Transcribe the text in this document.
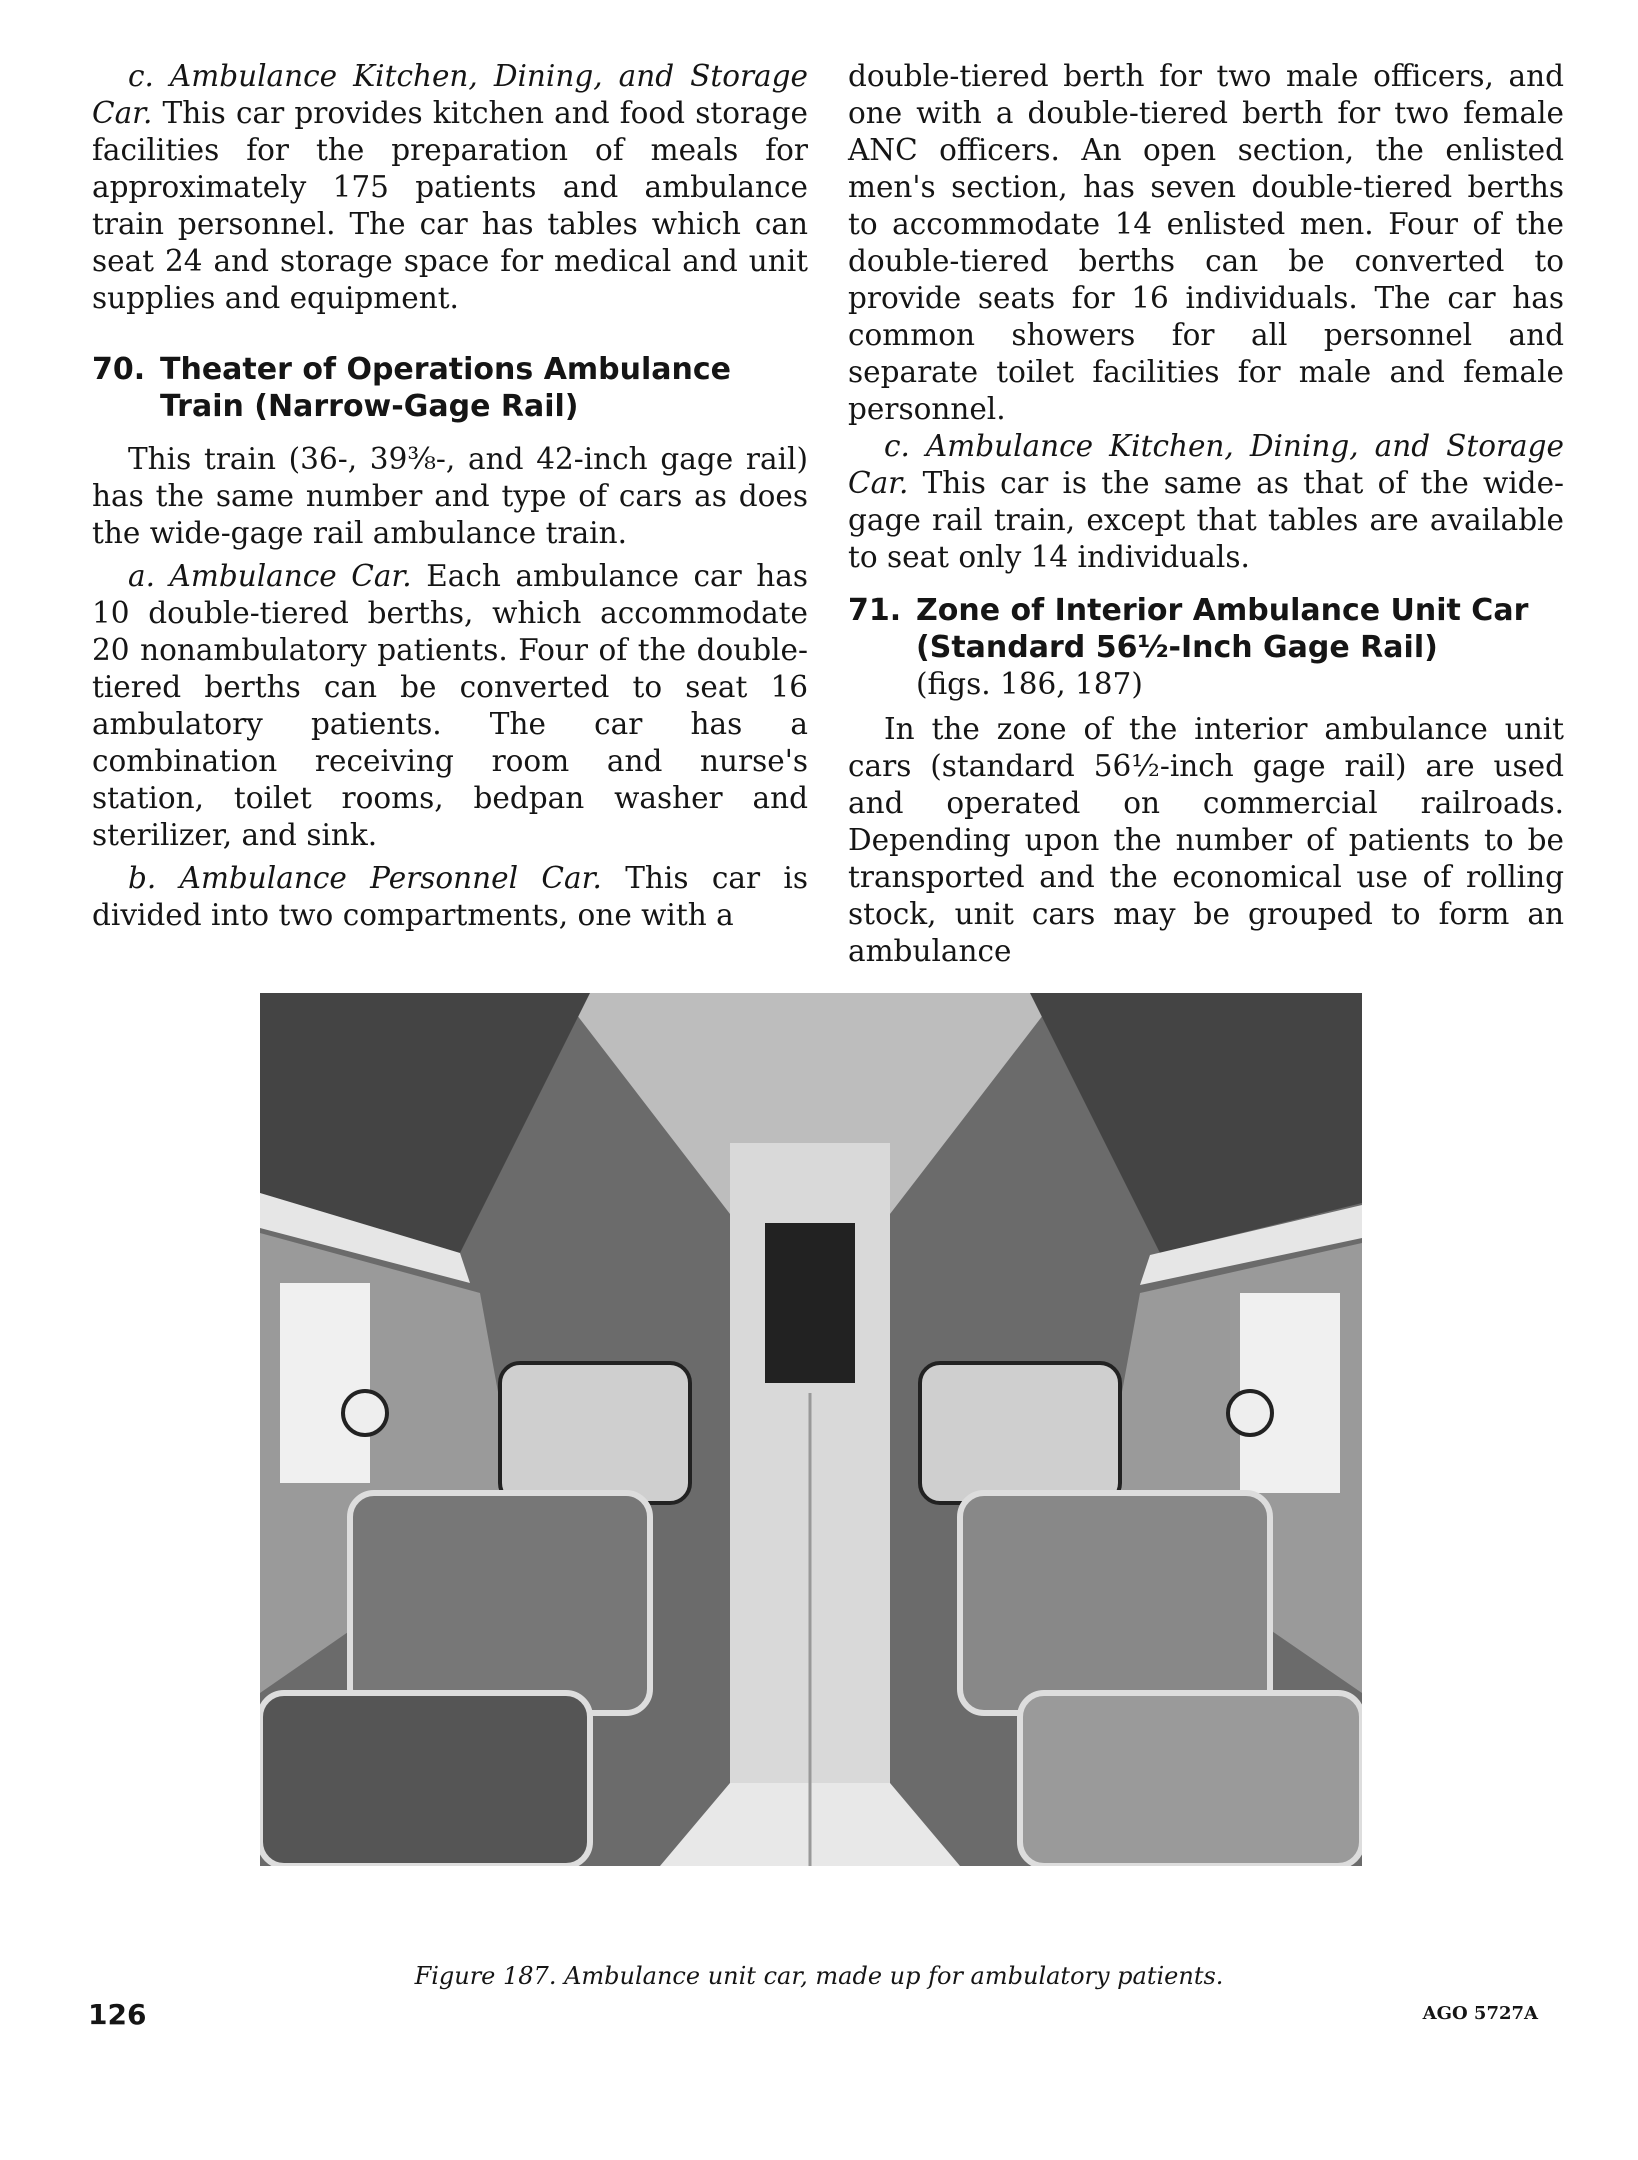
c. Ambulance Kitchen, Dining, and Storage Car. This car provides kitchen and food storage facilities for the preparation of meals for approximately 175 patients and ambulance train personnel. The car has tables which can seat 24 and storage space for medical and unit supplies and equipment.

70. Theater of Operations Ambulance Train (Narrow-Gage Rail)

This train (36-, 39⅜-, and 42-inch gage rail) has the same number and type of cars as does the wide-gage rail ambulance train.

a. Ambulance Car. Each ambulance car has 10 double-tiered berths, which accommodate 20 nonambulatory patients. Four of the double-tiered berths can be converted to seat 16 ambulatory patients. The car has a combination receiving room and nurse's station, toilet rooms, bedpan washer and sterilizer, and sink.

b. Ambulance Personnel Car. This car is divided into two compartments, one with a

double-tiered berth for two male officers, and one with a double-tiered berth for two female ANC officers. An open section, the enlisted men's section, has seven double-tiered berths to accommodate 14 enlisted men. Four of the double-tiered berths can be converted to provide seats for 16 individuals. The car has common showers for all personnel and separate toilet facilities for male and female personnel.

c. Ambulance Kitchen, Dining, and Storage Car. This car is the same as that of the wide-gage rail train, except that tables are available to seat only 14 individuals.

71. Zone of Interior Ambulance Unit Car (Standard 56½-Inch Gage Rail)
(figs. 186, 187)

In the zone of the interior ambulance unit cars (standard 56½-inch gage rail) are used and operated on commercial railroads. Depending upon the number of patients to be transported and the economical use of rolling stock, unit cars may be grouped to form an ambulance

Figure 187. Ambulance unit car, made up for ambulatory patients.
126	AGO 5727A
